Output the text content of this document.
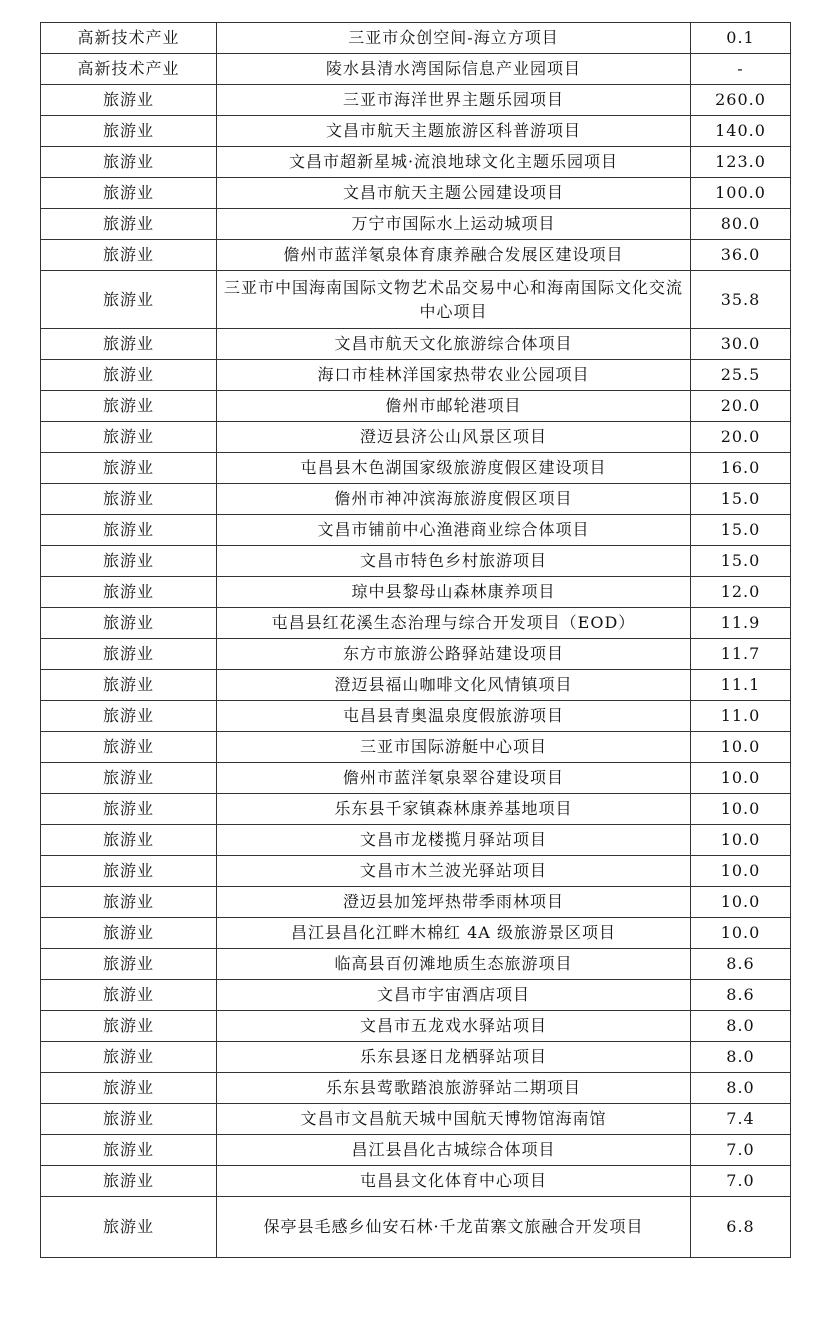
高新技术产业	三亚市众创空间-海立方项目	0.1
高新技术产业	陵水县清水湾国际信息产业园项目	-
旅游业	三亚市海洋世界主题乐园项目	260.0
旅游业	文昌市航天主题旅游区科普游项目	140.0
旅游业	文昌市超新星城·流浪地球文化主题乐园项目	123.0
旅游业	文昌市航天主题公园建设项目	100.0
旅游业	万宁市国际水上运动城项目	80.0
旅游业	儋州市蓝洋氡泉体育康养融合发展区建设项目	36.0
旅游业	三亚市中国海南国际文物艺术品交易中心和海南国际文化交流中心项目	35.8
旅游业	文昌市航天文化旅游综合体项目	30.0
旅游业	海口市桂林洋国家热带农业公园项目	25.5
旅游业	儋州市邮轮港项目	20.0
旅游业	澄迈县济公山风景区项目	20.0
旅游业	屯昌县木色湖国家级旅游度假区建设项目	16.0
旅游业	儋州市神冲滨海旅游度假区项目	15.0
旅游业	文昌市铺前中心渔港商业综合体项目	15.0
旅游业	文昌市特色乡村旅游项目	15.0
旅游业	琼中县黎母山森林康养项目	12.0
旅游业	屯昌县红花溪生态治理与综合开发项目（EOD）	11.9
旅游业	东方市旅游公路驿站建设项目	11.7
旅游业	澄迈县福山咖啡文化风情镇项目	11.1
旅游业	屯昌县青奥温泉度假旅游项目	11.0
旅游业	三亚市国际游艇中心项目	10.0
旅游业	儋州市蓝洋氡泉翠谷建设项目	10.0
旅游业	乐东县千家镇森林康养基地项目	10.0
旅游业	文昌市龙楼揽月驿站项目	10.0
旅游业	文昌市木兰波光驿站项目	10.0
旅游业	澄迈县加笼坪热带季雨林项目	10.0
旅游业	昌江县昌化江畔木棉红 4A 级旅游景区项目	10.0
旅游业	临高县百仞滩地质生态旅游项目	8.6
旅游业	文昌市宇宙酒店项目	8.6
旅游业	文昌市五龙戏水驿站项目	8.0
旅游业	乐东县逐日龙栖驿站项目	8.0
旅游业	乐东县莺歌踏浪旅游驿站二期项目	8.0
旅游业	文昌市文昌航天城中国航天博物馆海南馆	7.4
旅游业	昌江县昌化古城综合体项目	7.0
旅游业	屯昌县文化体育中心项目	7.0
旅游业	保亭县毛感乡仙安石林·千龙苗寨文旅融合开发项目	6.8
